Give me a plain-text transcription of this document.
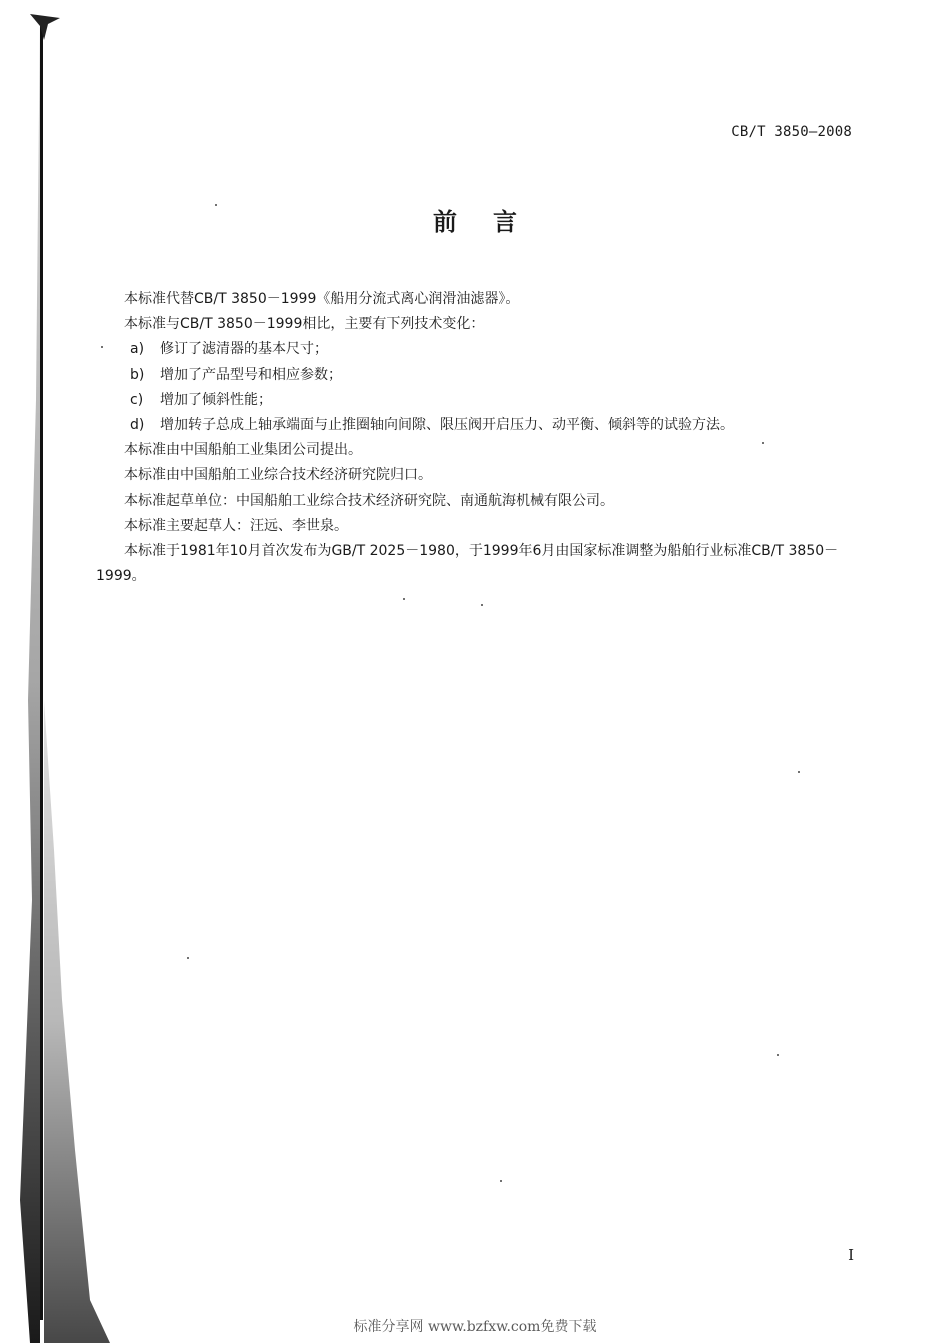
CB/T 3850—2008
前言

本标准代替CB/T 3850－1999《船用分流式离心润滑油滤器》。

本标准与CB/T 3850－1999相比，主要有下列技术变化：

a) 修订了滤清器的基本尺寸；

b) 增加了产品型号和相应参数；

c) 增加了倾斜性能；

d) 增加转子总成上轴承端面与止推圈轴向间隙、限压阀开启压力、动平衡、倾斜等的试验方法。

本标准由中国船舶工业集团公司提出。

本标准由中国船舶工业综合技术经济研究院归口。

本标准起草单位：中国船舶工业综合技术经济研究院、南通航海机械有限公司。

本标准主要起草人：汪远、李世泉。

本标准于1981年10月首次发布为GB/T 2025－1980，于1999年6月由国家标准调整为船舶行业标准CB/T 3850－1999。

I
标准分享网 www.bzfxw.com免费下载
